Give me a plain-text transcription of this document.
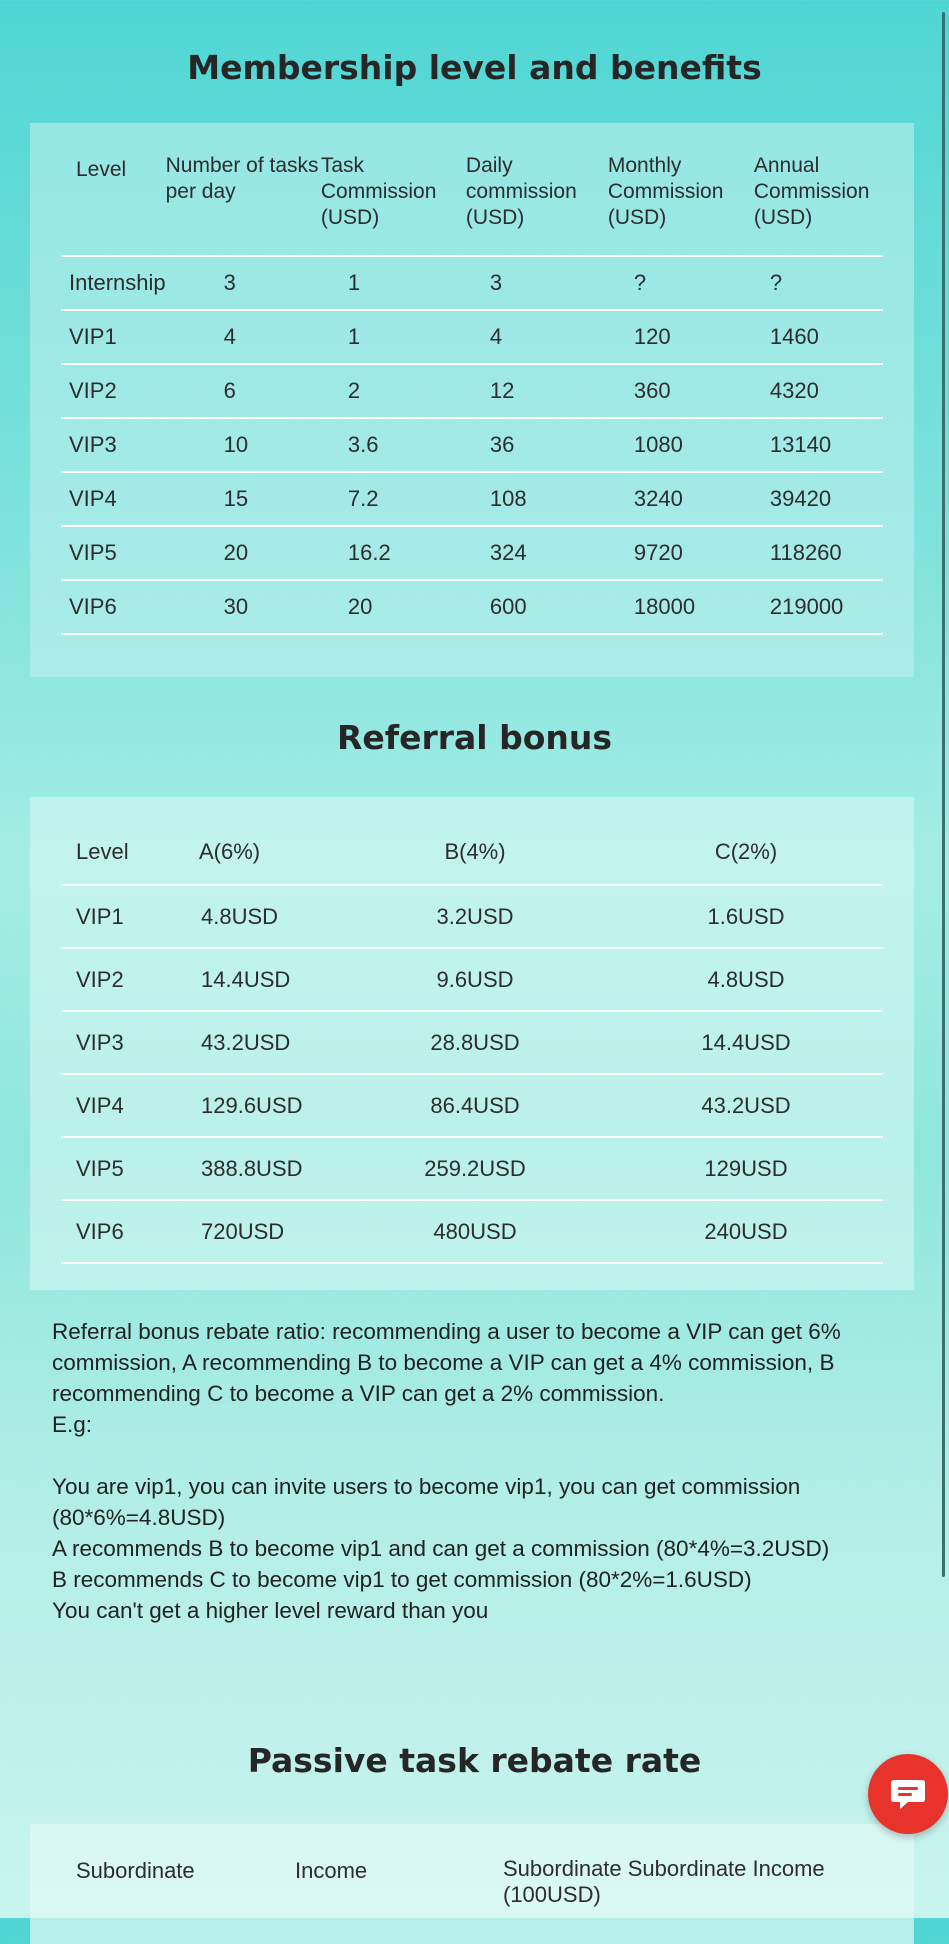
Membership level and benefits
Level	Number of tasks per day	Task Commission (USD)	Daily commission (USD)	Monthly Commission (USD)	Annual Commission (USD)
Internship	3	1	3	?	?
VIP1	4	1	4	120	1460
VIP2	6	2	12	360	4320
VIP3	10	3.6	36	1080	13140
VIP4	15	7.2	108	3240	39420
VIP5	20	16.2	324	9720	118260
VIP6	30	20	600	18000	219000
Referral bonus
Level	A(6%)	B(4%)	C(2%)
VIP1	4.8USD	3.2USD	1.6USD
VIP2	14.4USD	9.6USD	4.8USD
VIP3	43.2USD	28.8USD	14.4USD
VIP4	129.6USD	86.4USD	43.2USD
VIP5	388.8USD	259.2USD	129USD
VIP6	720USD	480USD	240USD

Referral bonus rebate ratio: recommending a user to become a VIP can get 6% commission, A recommending B to become a VIP can get a 4% commission, B recommending C to become a VIP can get a 2% commission.
E.g:

You are vip1, you can invite users to become vip1, you can get commission (80*6%=4.8USD)
A recommends B to become vip1 and can get a commission (80*4%=3.2USD)
B recommends C to become vip1 to get commission (80*2%=1.6USD)
You can't get a higher level reward than you

Passive task rebate rate
Subordinate	Income	Subordinate Subordinate Income (100USD)
